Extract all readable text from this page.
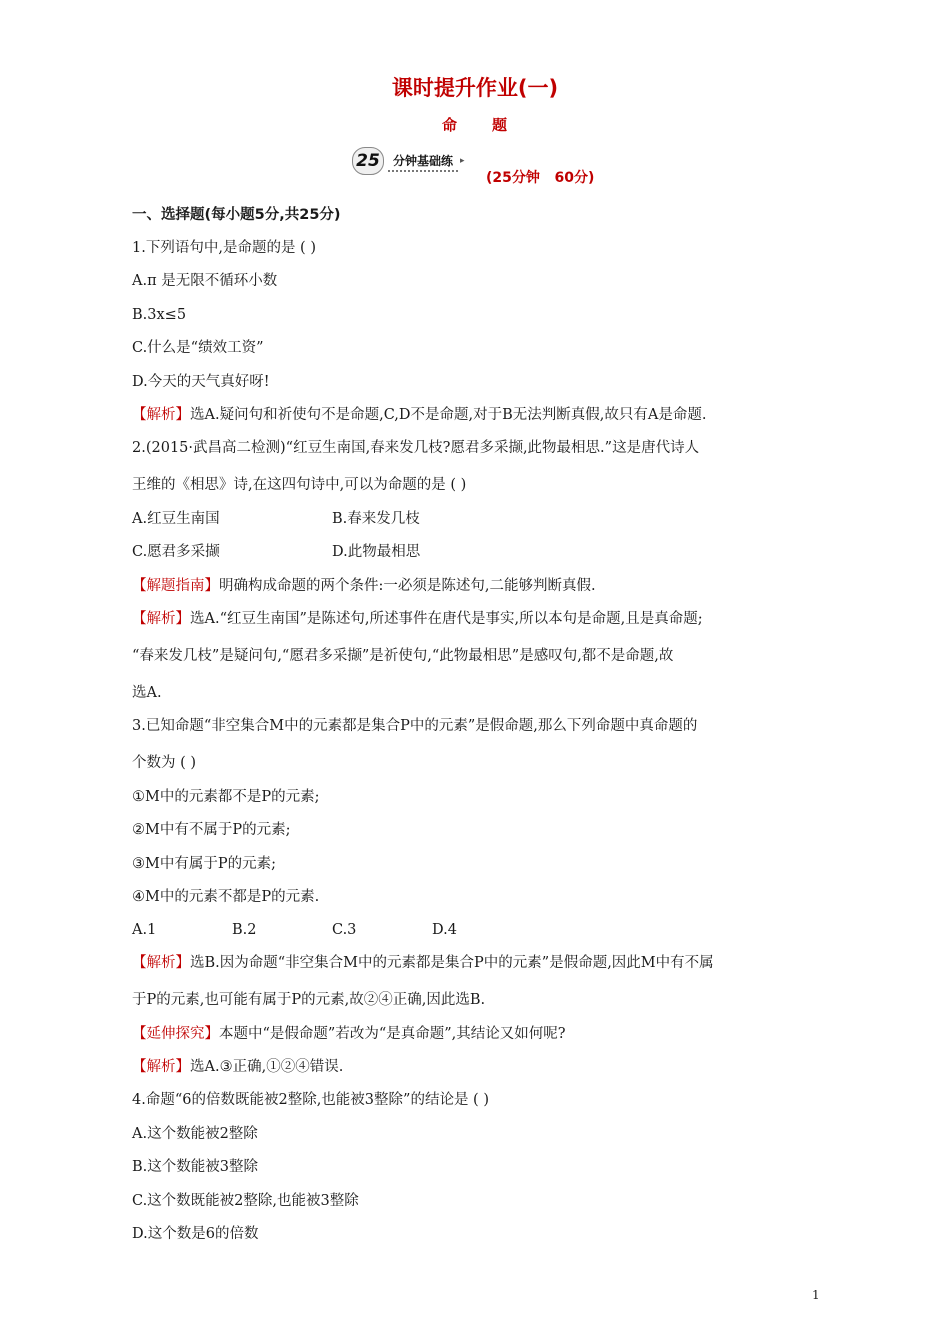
课时提升作业(一)
命 题
25	分钟基础练 ▸
(25分钟   60分)
一、选择题(每小题5分,共25分)
1.下列语句中,是命题的是 ( )
A.π 是无限不循环小数
B.3x≤5
C.什么是“绩效工资”
D.今天的天气真好呀!
【解析】选A.疑问句和祈使句不是命题,C,D不是命题,对于B无法判断真假,故只有A是命题.
2.(2015·武昌高二检测)“红豆生南国,春来发几枝?愿君多采撷,此物最相思.”这是唐代诗人
王维的《相思》诗,在这四句诗中,可以为命题的是 ( )
A.红豆生南国	B.春来发几枝
C.愿君多采撷	D.此物最相思
【解题指南】明确构成命题的两个条件:一必须是陈述句,二能够判断真假.
【解析】选A.“红豆生南国”是陈述句,所述事件在唐代是事实,所以本句是命题,且是真命题;
“春来发几枝”是疑问句,“愿君多采撷”是祈使句,“此物最相思”是感叹句,都不是命题,故
选A.
3.已知命题“非空集合M中的元素都是集合P中的元素”是假命题,那么下列命题中真命题的
个数为 ( )
①M中的元素都不是P的元素;
②M中有不属于P的元素;
③M中有属于P的元素;
④M中的元素不都是P的元素.
A.1	B.2	C.3	D.4
【解析】选B.因为命题“非空集合M中的元素都是集合P中的元素”是假命题,因此M中有不属
于P的元素,也可能有属于P的元素,故②④正确,因此选B.
【延伸探究】本题中“是假命题”若改为“是真命题”,其结论又如何呢?
【解析】选A.③正确,①②④错误.
4.命题“6的倍数既能被2整除,也能被3整除”的结论是 ( )
A.这个数能被2整除
B.这个数能被3整除
C.这个数既能被2整除,也能被3整除
D.这个数是6的倍数
1
